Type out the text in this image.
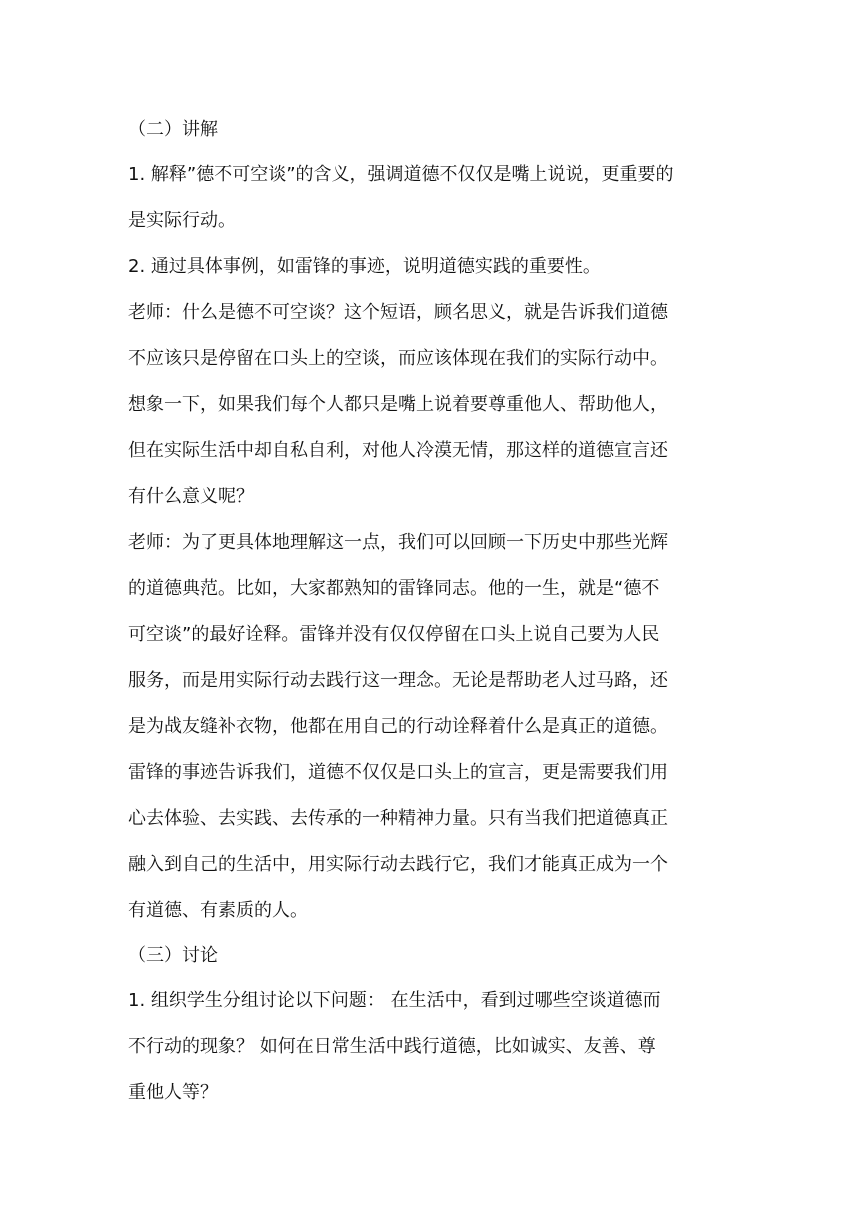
（二）讲解
1. 解释”德不可空谈”的含义，强调道德不仅仅是嘴上说说，更重要的
是实际行动。
2. 通过具体事例，如雷锋的事迹，说明道德实践的重要性。
老师：什么是德不可空谈？这个短语，顾名思义，就是告诉我们道德
不应该只是停留在口头上的空谈，而应该体现在我们的实际行动中。
想象一下，如果我们每个人都只是嘴上说着要尊重他人、帮助他人，
但在实际生活中却自私自利，对他人冷漠无情，那这样的道德宣言还
有什么意义呢？
老师：为了更具体地理解这一点，我们可以回顾一下历史中那些光辉
的道德典范。比如，大家都熟知的雷锋同志。他的一生，就是“德不
可空谈”的最好诠释。雷锋并没有仅仅停留在口头上说自己要为人民
服务，而是用实际行动去践行这一理念。无论是帮助老人过马路，还
是为战友缝补衣物，他都在用自己的行动诠释着什么是真正的道德。
雷锋的事迹告诉我们，道德不仅仅是口头上的宣言，更是需要我们用
心去体验、去实践、去传承的一种精神力量。只有当我们把道德真正
融入到自己的生活中，用实际行动去践行它，我们才能真正成为一个
有道德、有素质的人。
（三）讨论
1. 组织学生分组讨论以下问题： 在生活中，看到过哪些空谈道德而
不行动的现象？ 如何在日常生活中践行道德，比如诚实、友善、尊
重他人等？
